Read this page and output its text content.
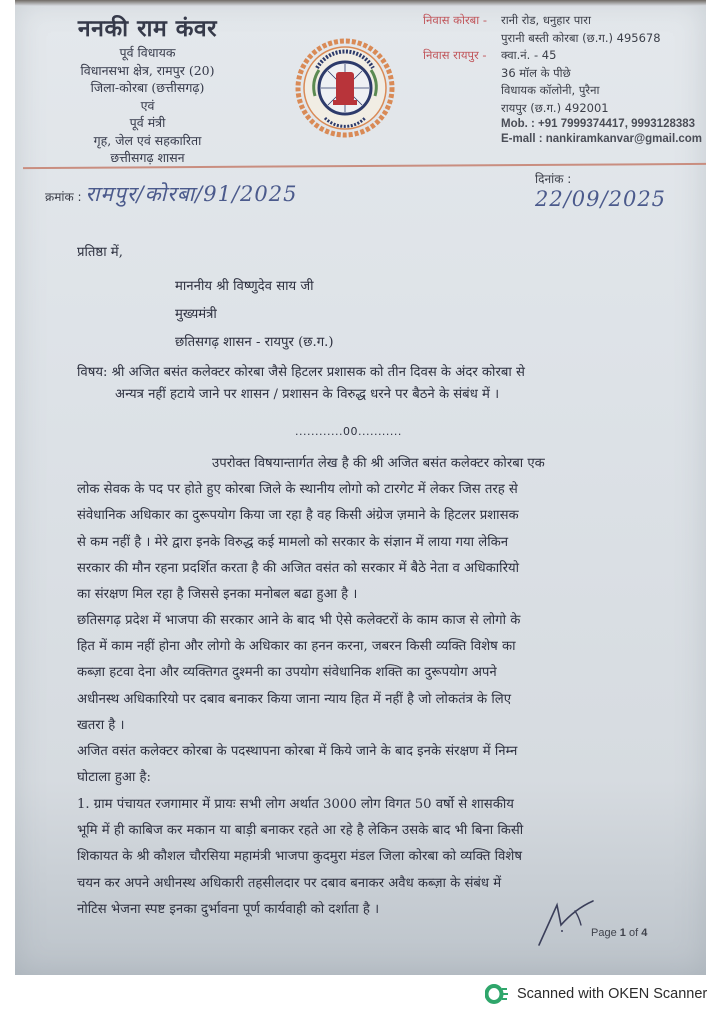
ननकी राम कंवर
पूर्व विधायक
विधानसभा क्षेत्र, रामपुर (20)
जिला-कोरबा (छत्तीसगढ़)
एवं
पूर्व मंत्री
गृह, जेल एवं सहकारिता
छत्तीसगढ़ शासन
निवास कोरबा -	रानी रोड, धनुहार पारा
पुरानी बस्ती कोरबा (छ.ग.) 495678
निवास रायपुर -	क्वा.नं. - 45
36 मॉल के पीछे
विधायक कॉलोनी, पुरैना
रायपुर (छ.ग.) 492001
Mob. : +91 7999374417, 9993128383
E-mall : nankiramkanvar@gmail.com
क्रमांक : रामपुर/कोरबा/91/2025
दिनांक : 22/09/2025
प्रतिष्ठा में,
माननीय श्री विष्णुदेव साय जी
मुख्यमंत्री
छतिसगढ़ शासन - रायपुर (छ.ग.)
विषय: श्री अजित बसंत कलेक्टर कोरबा जैसे हिटलर प्रशासक को तीन दिवस के अंदर कोरबा से
अन्यत्र नहीं हटाये जाने पर शासन / प्रशासन के विरुद्ध धरने पर बैठने के संबंध में ।
............00...........
उपरोक्त विषयान्तार्गत लेख है की श्री अजित बसंत कलेक्टर कोरबा एक
लोक सेवक के पद पर होते हुए कोरबा जिले के स्थानीय लोगो को टारगेट में लेकर जिस तरह से
संवेधानिक अधिकार का दुरूपयोग किया जा रहा है वह किसी अंग्रेज ज़माने के हिटलर प्रशासक
से कम नहीं है । मेरे द्वारा इनके विरुद्ध कई मामलो को सरकार के संज्ञान में लाया गया लेकिन
सरकार की मौन रहना प्रदर्शित करता है की अजित वसंत को सरकार में बैठे नेता व अधिकारियो
का संरक्षण मिल रहा है जिससे इनका मनोबल बढा हुआ है ।
छतिसगढ़ प्रदेश में भाजपा की सरकार आने के बाद भी ऐसे कलेक्टरों के काम काज से लोगो के
हित में काम नहीं होना और लोगो के अधिकार का हनन करना, जबरन किसी व्यक्ति विशेष का
कब्ज़ा हटवा देना और व्यक्तिगत दुश्मनी का उपयोग संवेधानिक शक्ति का दुरूपयोग अपने
अधीनस्थ अधिकारियो पर दबाव बनाकर किया जाना न्याय हित में नहीं है जो लोकतंत्र के लिए
खतरा है ।
अजित वसंत कलेक्टर कोरबा के पदस्थापना कोरबा में किये जाने के बाद इनके संरक्षण में निम्न
घोटाला हुआ है:
1. ग्राम पंचायत रजगामार में प्रायः सभी लोग अर्थात 3000 लोग विगत 50 वर्षो से शासकीय
भूमि में ही काबिज कर मकान या बाड़ी बनाकर रहते आ रहे है लेकिन उसके बाद भी बिना किसी
शिकायत के श्री कौशल चौरसिया महामंत्री भाजपा कुदमुरा मंडल जिला कोरबा को व्यक्ति विशेष
चयन कर अपने अधीनस्थ अधिकारी तहसीलदार पर दबाव बनाकर अवैध कब्ज़ा के संबंध में
नोटिस भेजना स्पष्ट इनका दुर्भावना पूर्ण कार्यवाही को दर्शाता है ।
Page 1 of 4
Scanned with OKEN Scanner
